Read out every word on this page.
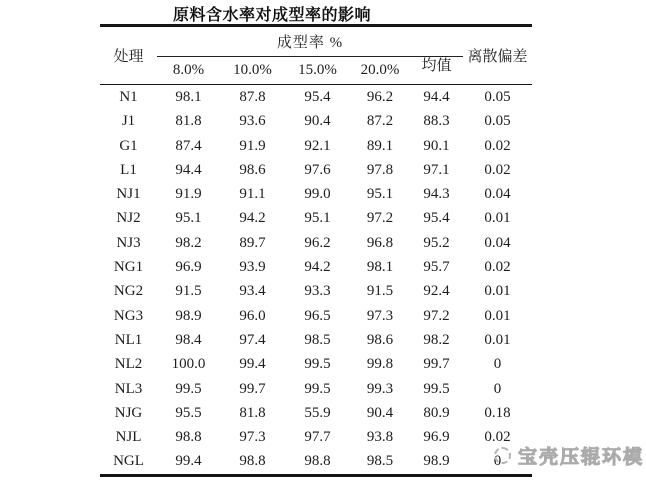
原料含水率对成型率的影响
处理	成型率 %					离散偏差
	8.0%	10.0%	15.0%	20.0%	均值	
N1	98.1	87.8	95.4	96.2	94.4	0.05
J1	81.8	93.6	90.4	87.2	88.3	0.05
G1	87.4	91.9	92.1	89.1	90.1	0.02
L1	94.4	98.6	97.6	97.8	97.1	0.02
NJ1	91.9	91.1	99.0	95.1	94.3	0.04
NJ2	95.1	94.2	95.1	97.2	95.4	0.01
NJ3	98.2	89.7	96.2	96.8	95.2	0.04
NG1	96.9	93.9	94.2	98.1	95.7	0.02
NG2	91.5	93.4	93.3	91.5	92.4	0.01
NG3	98.9	96.0	96.5	97.3	97.2	0.01
NL1	98.4	97.4	98.5	98.6	98.2	0.01
NL2	100.0	99.4	99.5	99.8	99.7	0
NL3	99.5	99.7	99.5	99.3	99.5	0
NJG	95.5	81.8	55.9	90.4	80.9	0.18
NJL	98.8	97.3	97.7	93.8	96.9	0.02
NGL	99.4	98.8	98.8	98.5	98.9	0 宝壳压辊环模
